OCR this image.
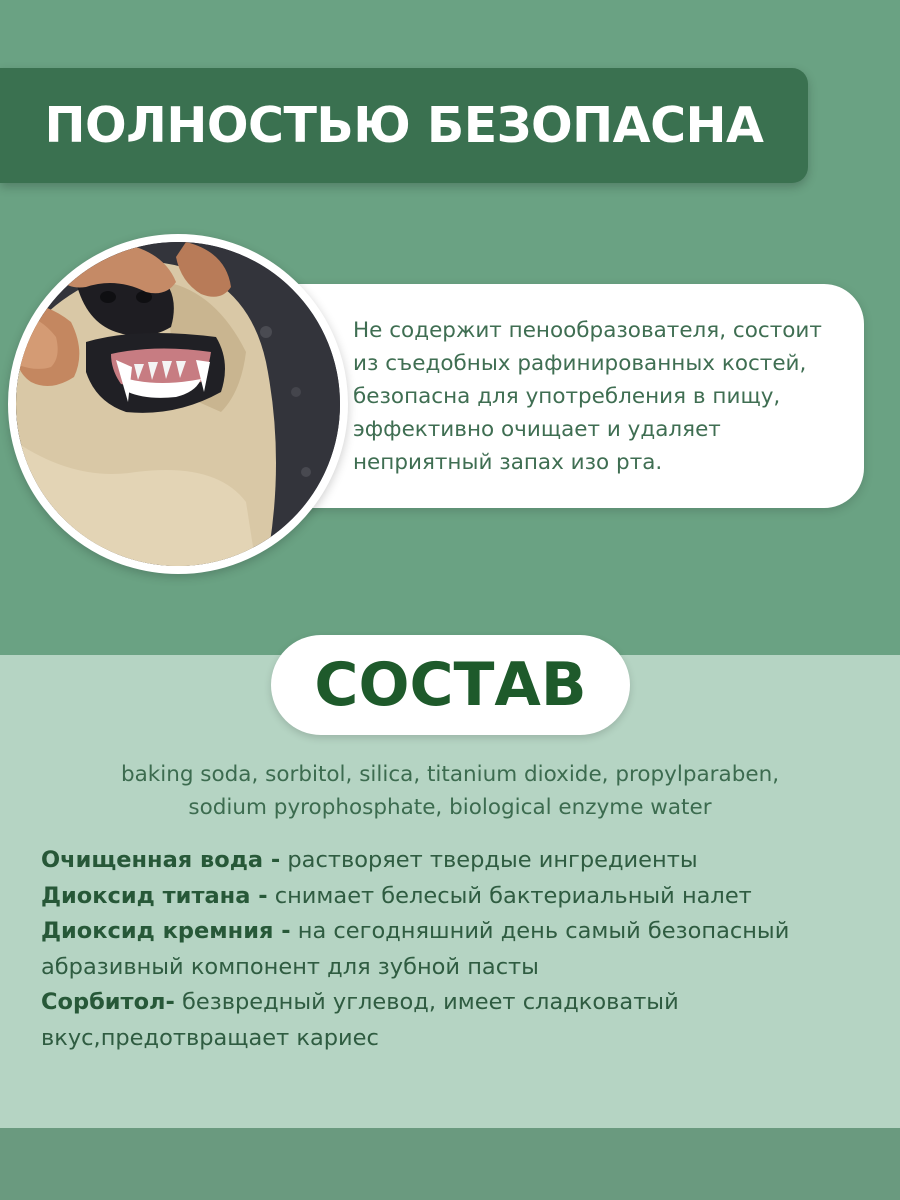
ПОЛНОСТЬЮ БЕЗОПАСНА
Не содержит пенообразователя, состоит
из съедобных рафинированных костей,
безопасна для употребления в пищу,
эффективно очищает и удаляет
неприятный запах изо рта.
СОСТАВ
baking soda, sorbitol, silica, titanium dioxide, propylparaben,
sodium pyrophosphate, biological enzyme water

Очищенная вода - растворяет твердые ингредиенты

Диоксид титана - снимает белесый бактериальный налет

Диоксид кремния - на сегодняшний день самый безопасный абразивный компонент для зубной пасты

Сорбитол- безвредный углевод, имеет сладковатый вкус,предотвращает кариес
